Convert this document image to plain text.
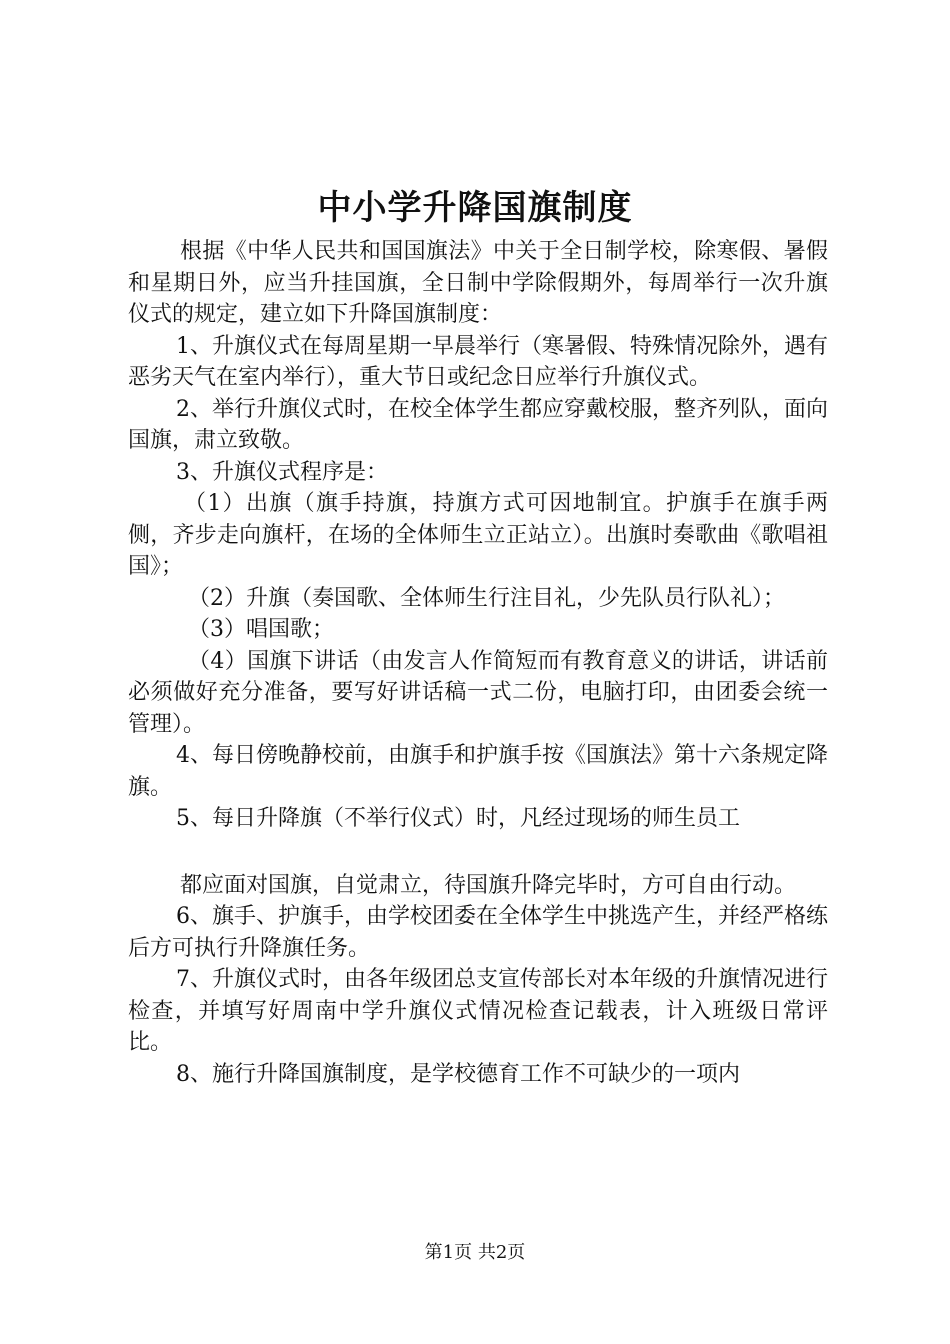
中小学升降国旗制度

根据《中华人民共和国国旗法》中关于全日制学校，除寒假、暑假和星期日外，应当升挂国旗，全日制中学除假期外，每周举行一次升旗仪式的规定，建立如下升降国旗制度：

1、升旗仪式在每周星期一早晨举行（寒暑假、特殊情况除外，遇有恶劣天气在室内举行），重大节日或纪念日应举行升旗仪式。

2、举行升旗仪式时，在校全体学生都应穿戴校服，整齐列队，面向国旗，肃立致敬。

3、升旗仪式程序是：

（1）出旗（旗手持旗，持旗方式可因地制宜。护旗手在旗手两侧，齐步走向旗杆，在场的全体师生立正站立）。出旗时奏歌曲《歌唱祖国》；

（2）升旗（奏国歌、全体师生行注目礼，少先队员行队礼）；

（3）唱国歌；

（4）国旗下讲话（由发言人作简短而有教育意义的讲话，讲话前必须做好充分准备，要写好讲话稿一式二份，电脑打印，由团委会统一管理）。

4、每日傍晚静校前，由旗手和护旗手按《国旗法》第十六条规定降旗。

5、每日升降旗（不举行仪式）时，凡经过现场的师生员工

都应面对国旗，自觉肃立，待国旗升降完毕时，方可自由行动。

6、旗手、护旗手，由学校团委在全体学生中挑选产生，并经严格练后方可执行升降旗任务。

7、升旗仪式时，由各年级团总支宣传部长对本年级的升旗情况进行检查，并填写好周南中学升旗仪式情况检查记载表，计入班级日常评比。

8、施行升降国旗制度，是学校德育工作不可缺少的一项内

第1页 共2页
